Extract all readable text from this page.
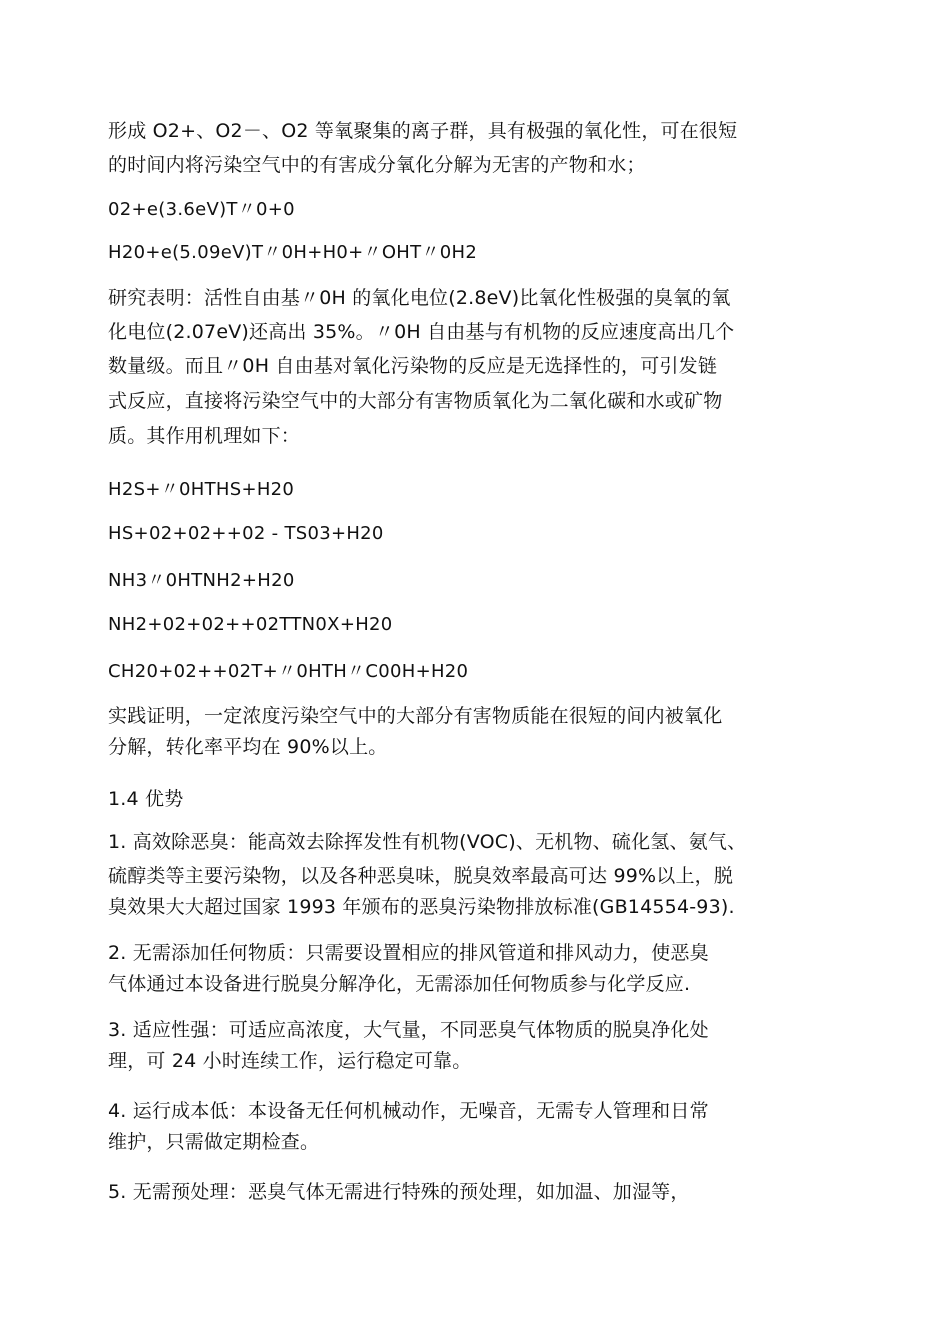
形成 O2+、O2－、O2 等氧聚集的离子群，具有极强的氧化性，可在很短
的时间内将污染空气中的有害成分氧化分解为无害的产物和水；
02+e(3.6eV)T〃0+0
H20+e(5.09eV)T〃0H+H0+〃OHT〃0H2
研究表明：活性自由基〃0H 的氧化电位(2.8eV)比氧化性极强的臭氧的氧
化电位(2.07eV)还高出 35%。〃0H 自由基与有机物的反应速度高出几个
数量级。而且〃0H 自由基对氧化污染物的反应是无选择性的，可引发链
式反应，直接将污染空气中的大部分有害物质氧化为二氧化碳和水或矿物
质。其作用机理如下：
H2S+〃0HTHS+H20
HS+02+02++02 - TS03+H20
NH3〃0HTNH2+H20
NH2+02+02++02TTN0X+H20
CH20+02++02T+〃0HTH〃C00H+H20
实践证明，一定浓度污染空气中的大部分有害物质能在很短的间内被氧化
分解，转化率平均在 90%以上。
1.4 优势
1. 高效除恶臭：能高效去除挥发性有机物(VOC)、无机物、硫化氢、氨气、
硫醇类等主要污染物，以及各种恶臭味，脱臭效率最高可达 99%以上，脱
臭效果大大超过国家 1993 年颁布的恶臭污染物排放标准(GB14554-93).
2. 无需添加任何物质：只需要设置相应的排风管道和排风动力，使恶臭
气体通过本设备进行脱臭分解净化，无需添加任何物质参与化学反应.
3. 适应性强：可适应高浓度，大气量，不同恶臭气体物质的脱臭净化处
理，可 24 小时连续工作，运行稳定可靠。
4. 运行成本低：本设备无任何机械动作，无噪音，无需专人管理和日常
维护，只需做定期检查。
5. 无需预处理：恶臭气体无需进行特殊的预处理，如加温、加湿等，
